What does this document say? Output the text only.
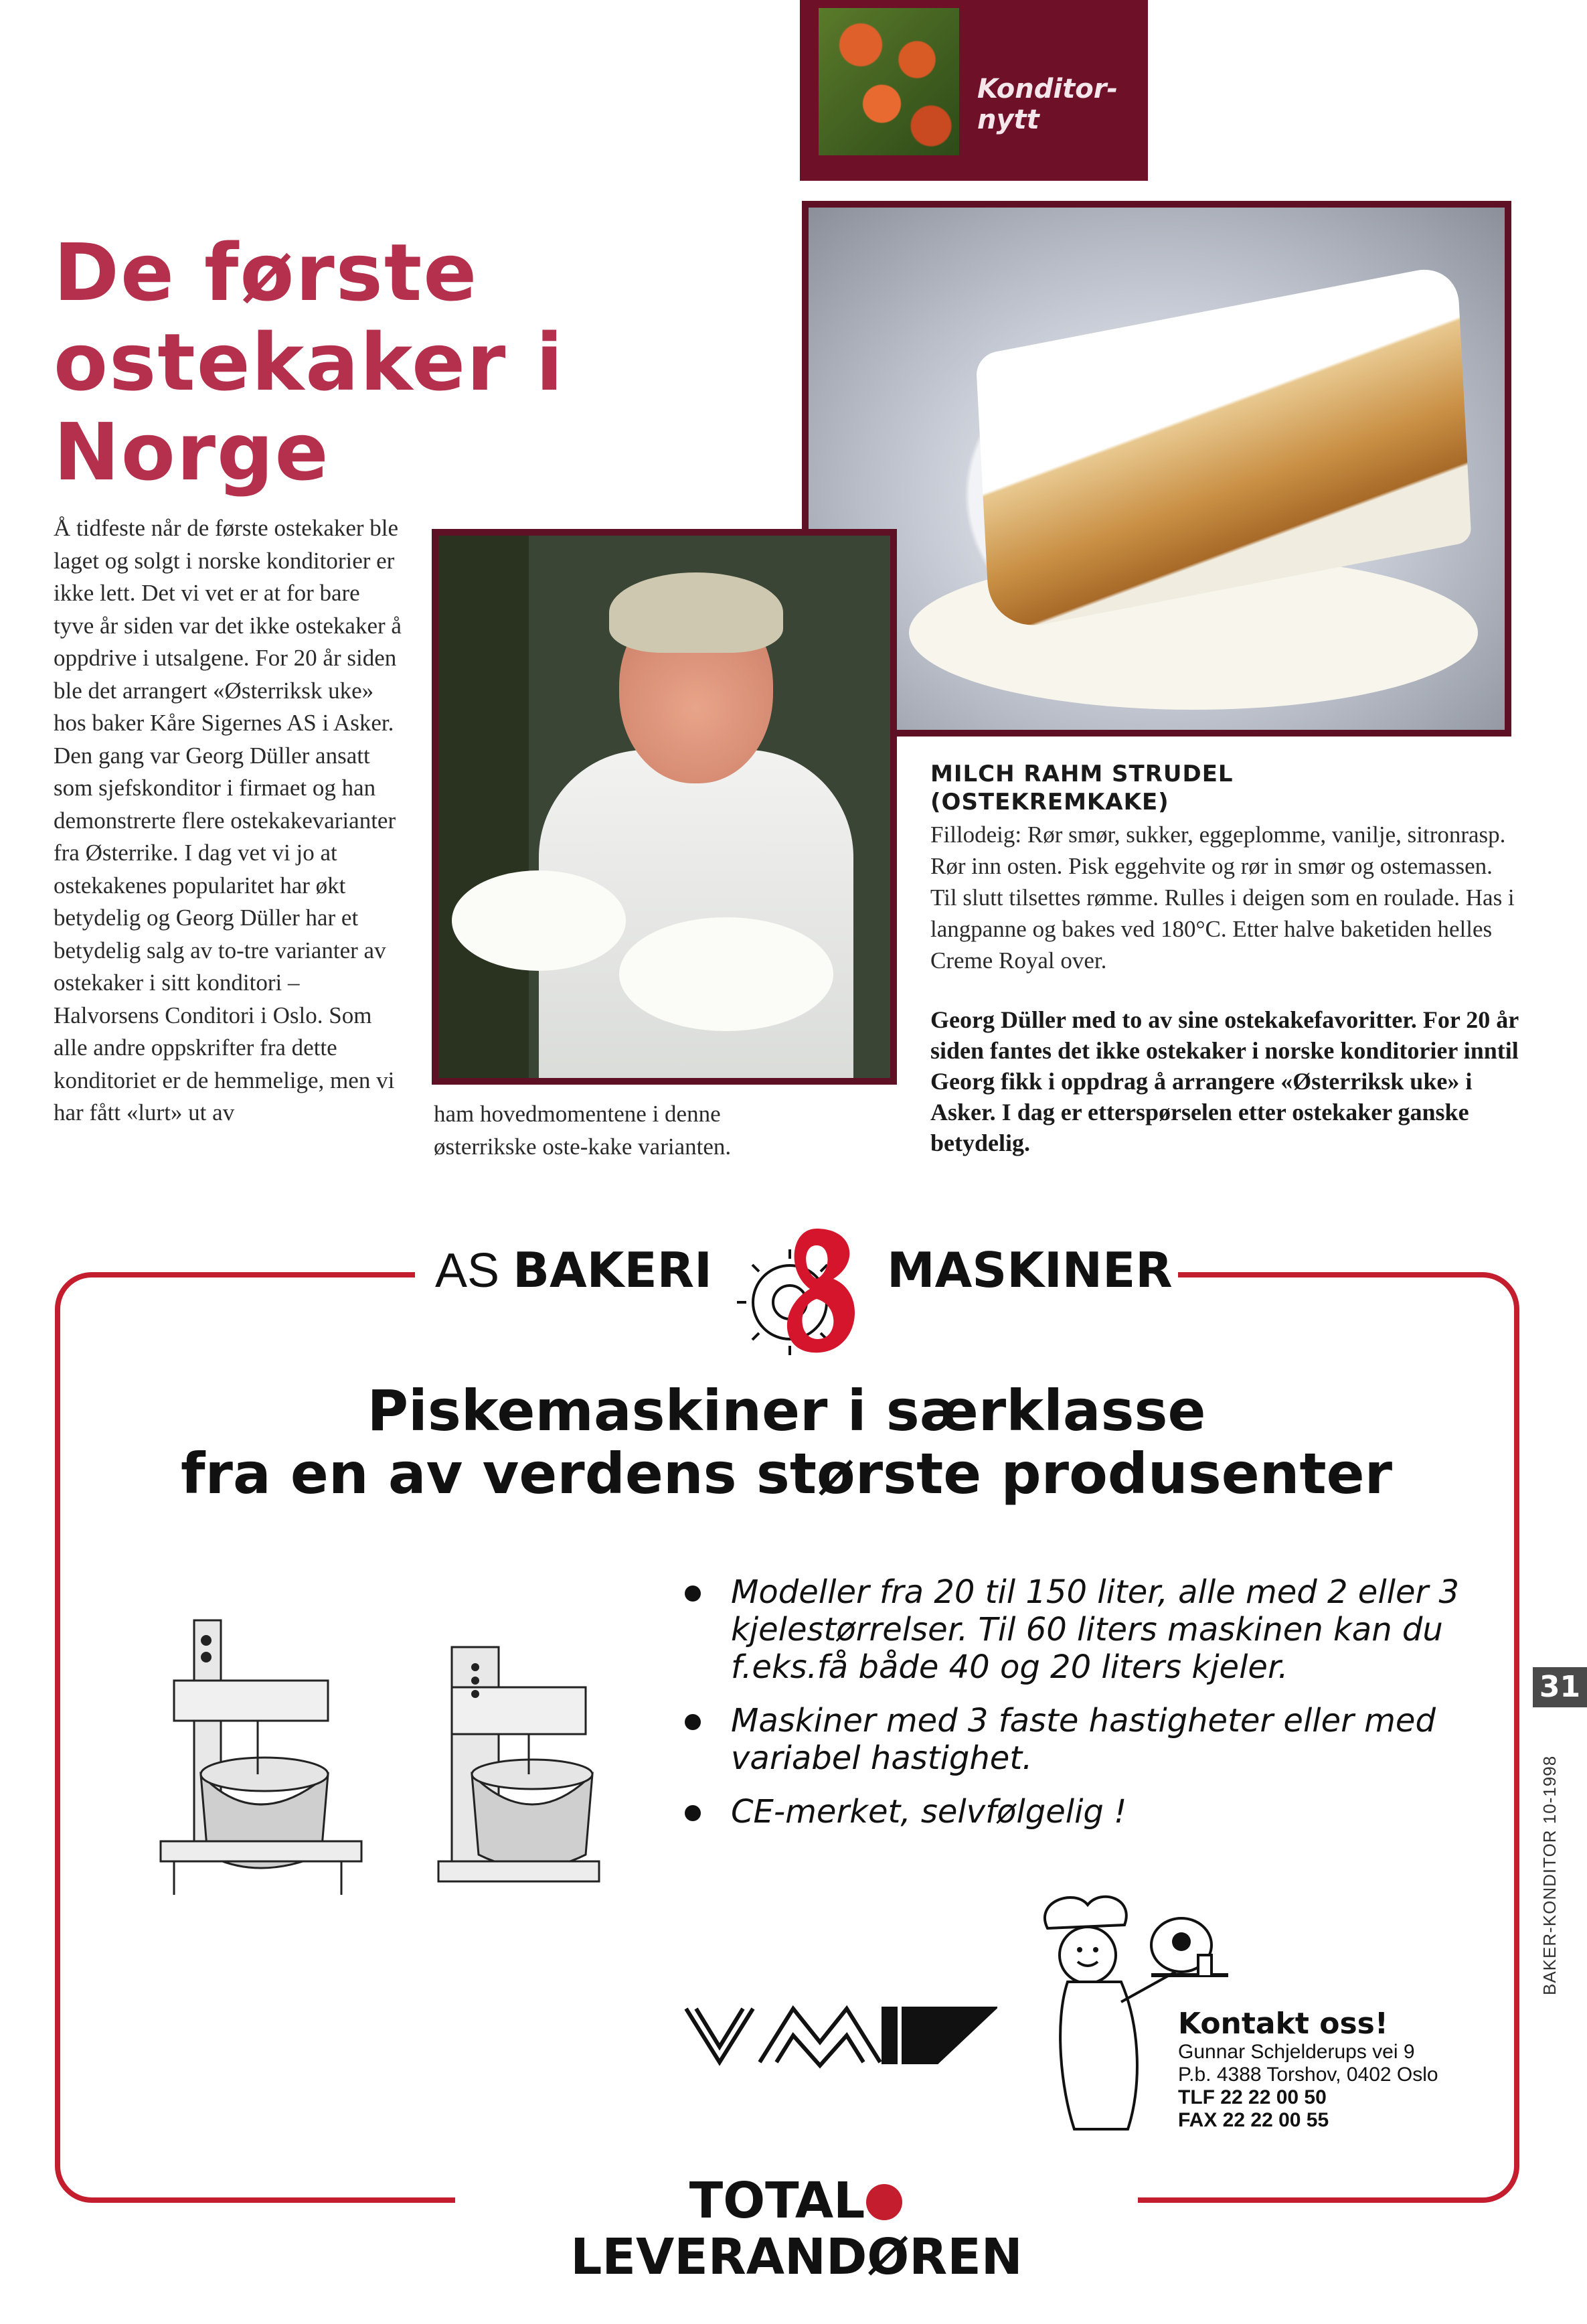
Konditor-
nytt
De første
ostekaker i
Norge
Å tidfeste når de første ostekaker ble laget og solgt i norske konditorier er ikke lett. Det vi vet er at for bare tyve år siden var det ikke ostekaker å oppdrive i utsalgene. For 20 år siden ble det arrangert «Østerriksk uke» hos baker Kåre Sigernes AS i Asker. Den gang var Georg Düller ansatt som sjefskonditor i firmaet og han demonstrerte flere ostekakevarianter fra Østerrike. I dag vet vi jo at ostekakenes popularitet har økt betydelig og Georg Düller har et betydelig salg av to-tre varianter av ostekaker i sitt konditori – Halvorsens Conditori i Oslo. Som alle andre oppskrifter fra dette konditoriet er de hemmelige, men vi har fått «lurt» ut av	ham hovedmomentene i denne østerrikske oste-kake varianten.
MILCH RAHM STRUDEL
(OSTEKREMKAKE)
Fillodeig: Rør smør, sukker, eggeplomme, vanilje, sitronrasp. Rør inn osten. Pisk eggehvite og rør in smør og ostemassen. Til slutt tilsettes rømme. Rulles i deigen som en roulade. Has i langpanne og bakes ved 180°C. Etter halve baketiden helles Creme Royal over.
Georg Düller med to av sine ostekakefavoritter. For 20 år siden fantes det ikke ostekaker i norske konditorier inntil Georg fikk i oppdrag å arrangere «Østerriksk uke» i Asker. I dag er etterspørselen etter ostekaker ganske betydelig.
AS BAKERI	MASKINER
Piskemaskiner i særklasse
fra en av verdens største produsenter
Modeller fra 20 til 150 liter, alle med 2 eller 3 kjelestørrelser. Til 60 liters maskinen kan du f.eks.få både 40 og 20 liters kjeler.
Maskiner med 3 faste hastigheter eller med variabel hastighet.
CE-merket, selvfølgelig !
Kontakt oss!
Gunnar Schjelderups vei 9
P.b. 4388 Torshov, 0402 Oslo
TLF 22 22 00 50
FAX 22 22 00 55
TOTALLEVERANDØREN
31
BAKER-KONDITOR 10-1998
